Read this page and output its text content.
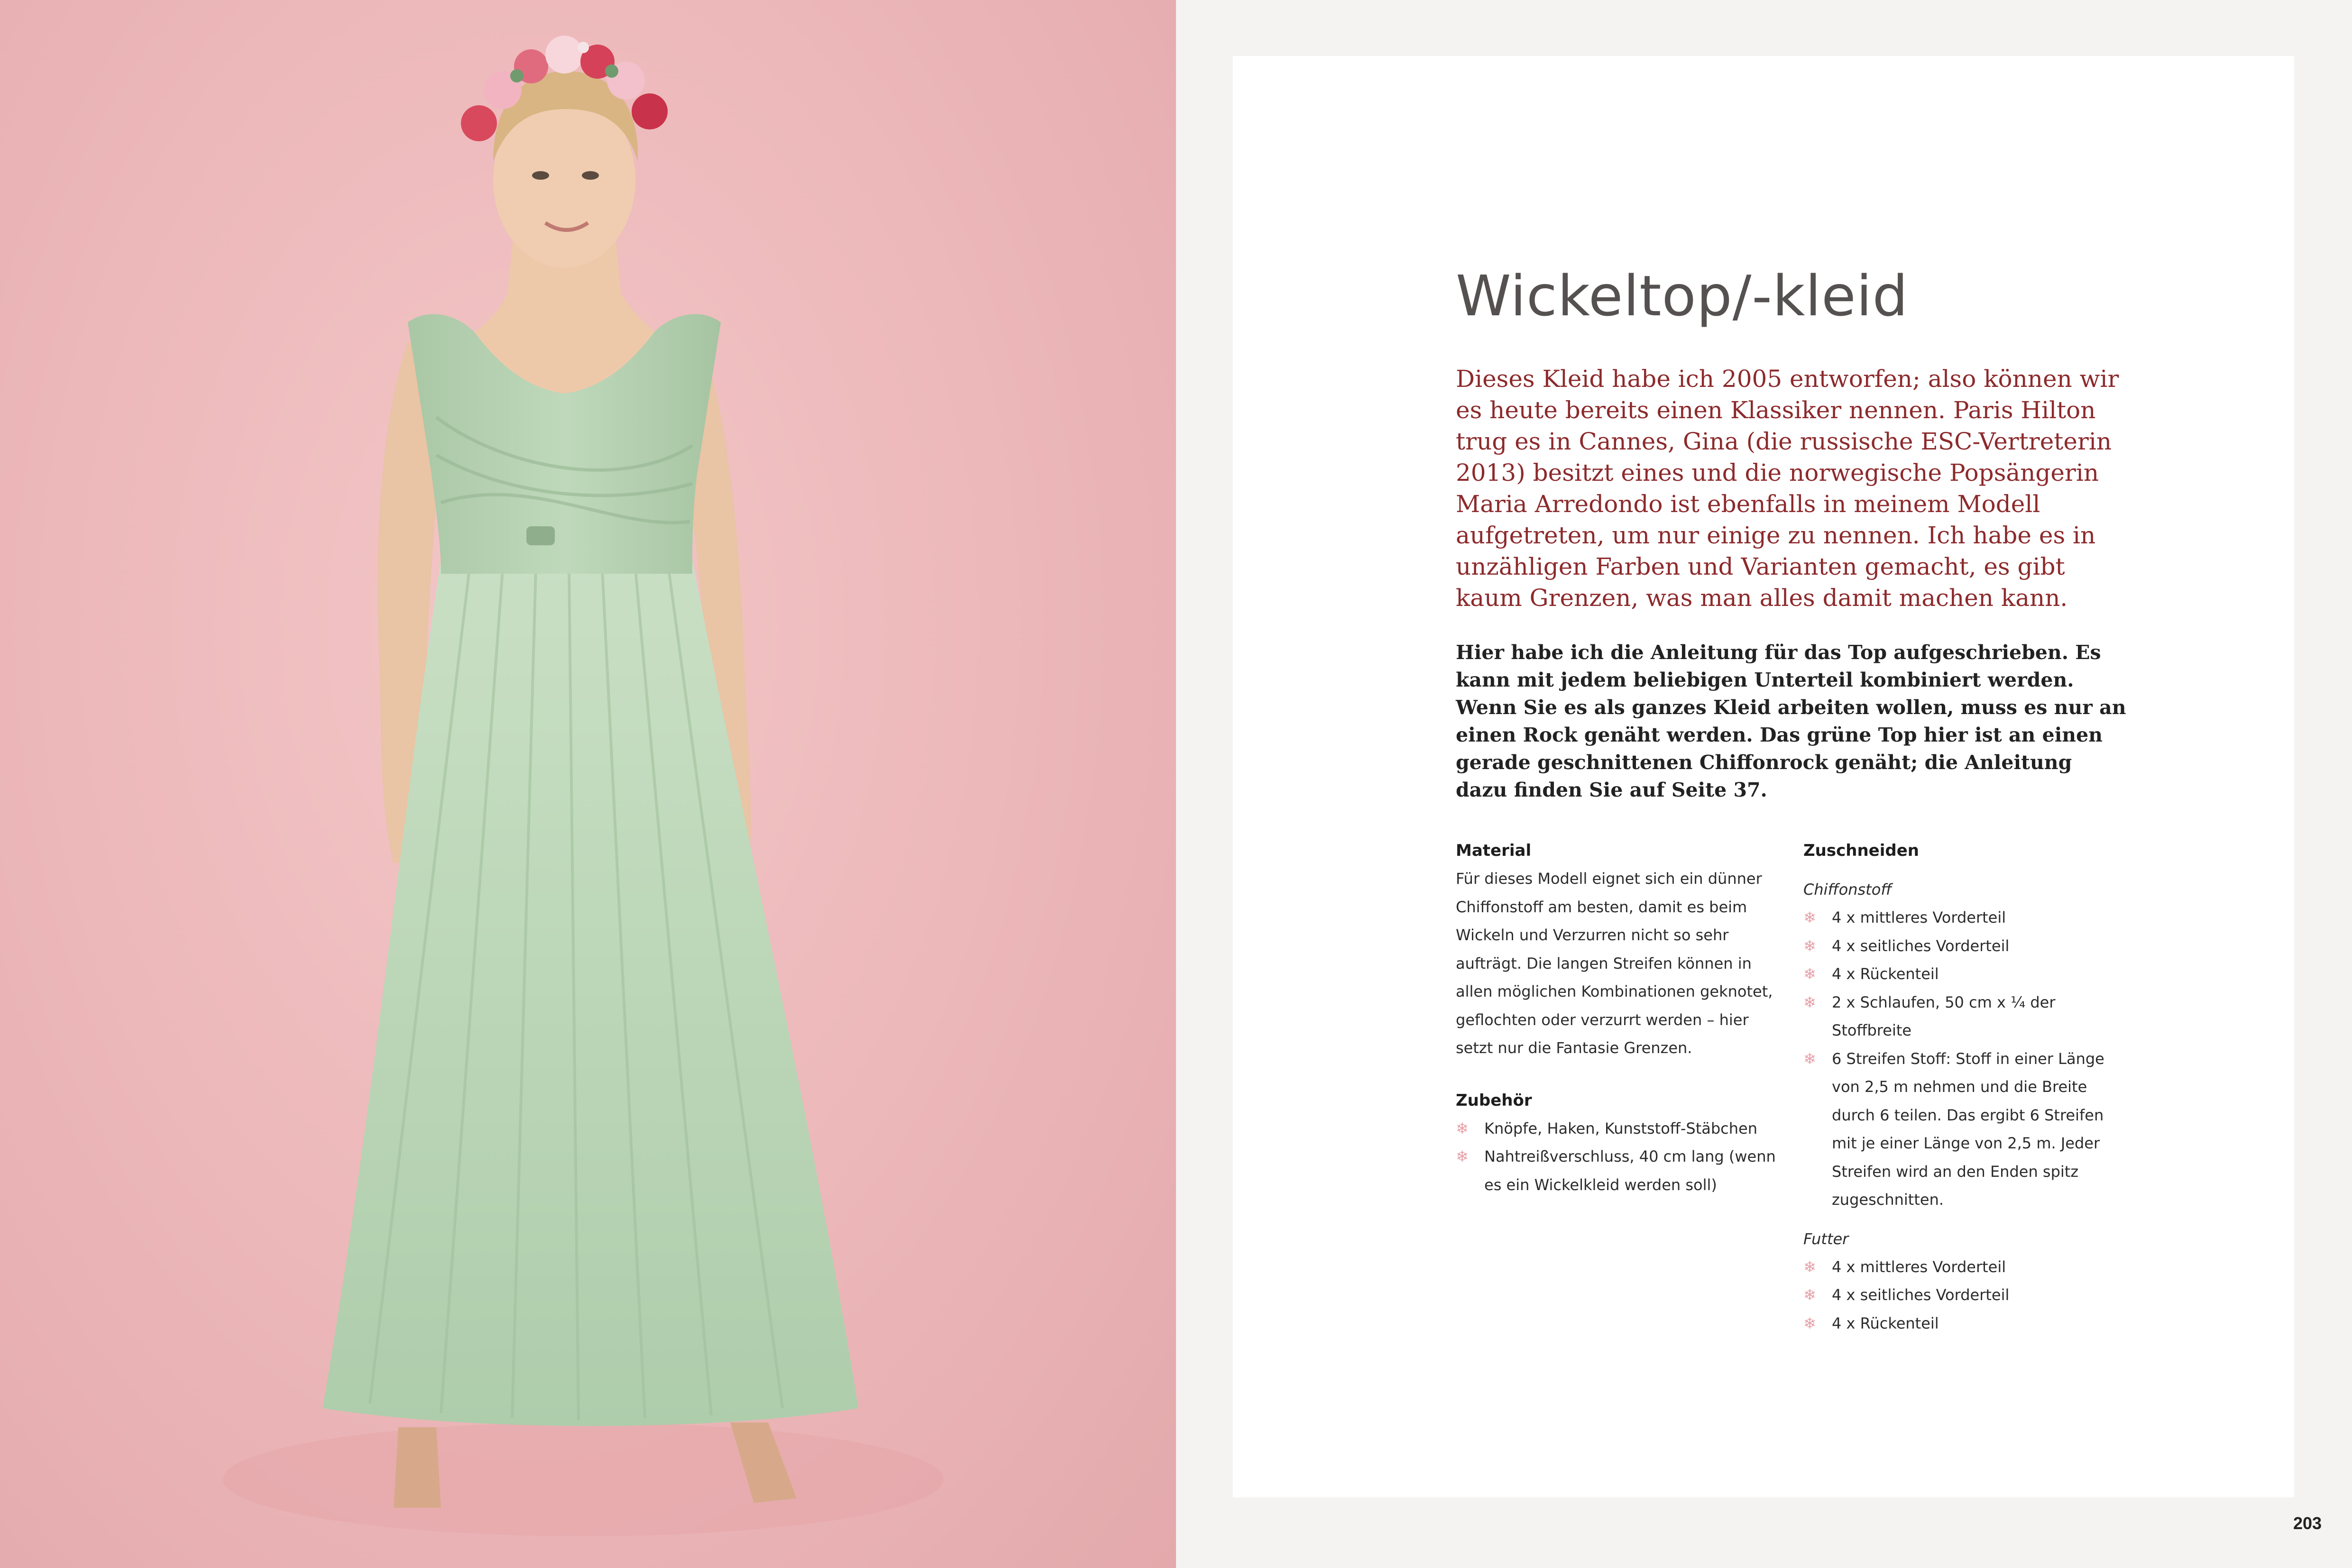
Wickeltop/-kleid

Dieses Kleid habe ich 2005 entworfen; also können wir es heute bereits einen Klassiker nennen. Paris Hilton trug es in Cannes, Gina (die russische ESC-Vertreterin 2013) besitzt eines und die norwegische Popsängerin Maria Arredondo ist ebenfalls in meinem Modell aufgetreten, um nur einige zu nennen. Ich habe es in unzähligen Farben und Varianten gemacht, es gibt kaum Grenzen, was man alles damit machen kann.

Hier habe ich die Anleitung für das Top aufgeschrieben. Es kann mit jedem beliebigen Unterteil kombiniert werden. Wenn Sie es als ganzes Kleid arbeiten wollen, muss es nur an einen Rock genäht werden. Das grüne Top hier ist an einen gerade geschnittenen Chiffonrock genäht; die Anleitung dazu finden Sie auf Seite 37.

Material

Für dieses Modell eignet sich ein dünner Chiffonstoff am besten, damit es beim Wickeln und Verzurren nicht so sehr aufträgt. Die langen Streifen können in allen möglichen Kombinationen geknotet, geflochten oder verzurrt werden – hier setzt nur die Fantasie Grenzen.

Zubehör

❄ Knöpfe, Haken, Kunststoff-Stäbchen
❄ Nahtreißverschluss, 40 cm lang (wenn es ein Wickelkleid werden soll)

Zuschneiden

Chiffonstoff

❄ 4 x mittleres Vorderteil
❄ 4 x seitliches Vorderteil
❄ 4 x Rückenteil
❄ 2 x Schlaufen, 50 cm x ¼ der Stoffbreite
❄ 6 Streifen Stoff: Stoff in einer Länge von 2,5 m nehmen und die Breite durch 6 teilen. Das ergibt 6 Streifen mit je einer Länge von 2,5 m. Jeder Streifen wird an den Enden spitz zugeschnitten.

Futter

❄ 4 x mittleres Vorderteil
❄ 4 x seitliches Vorderteil
❄ 4 x Rückenteil
203
